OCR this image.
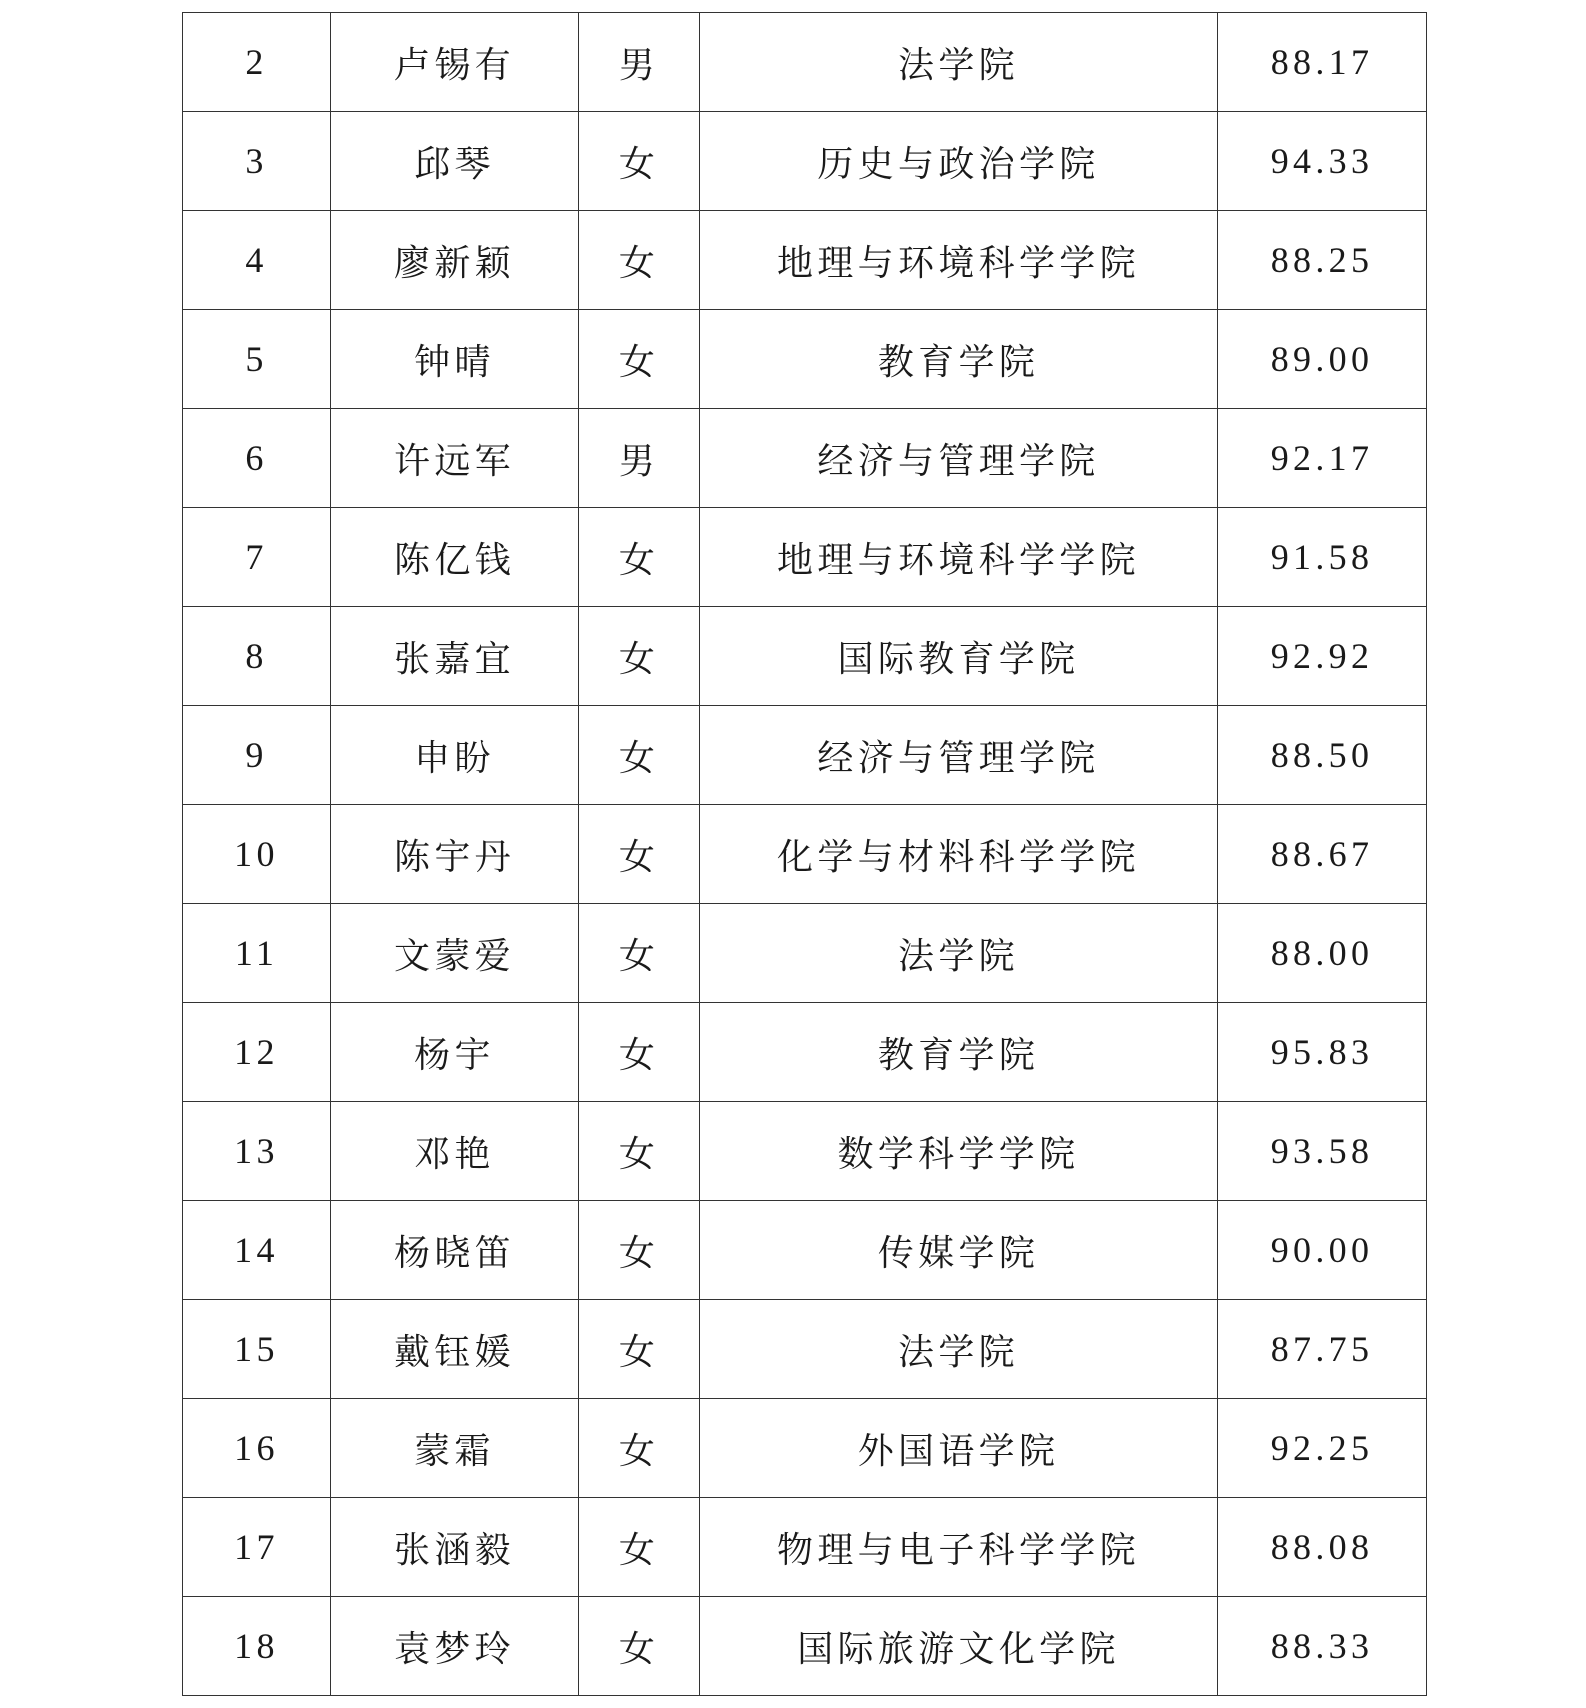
2	卢锡有	男	法学院	88.17
3	邱琴	女	历史与政治学院	94.33
4	廖新颖	女	地理与环境科学学院	88.25
5	钟晴	女	教育学院	89.00
6	许远军	男	经济与管理学院	92.17
7	陈亿钱	女	地理与环境科学学院	91.58
8	张嘉宜	女	国际教育学院	92.92
9	申盼	女	经济与管理学院	88.50
10	陈宇丹	女	化学与材料科学学院	88.67
11	文蒙爱	女	法学院	88.00
12	杨宇	女	教育学院	95.83
13	邓艳	女	数学科学学院	93.58
14	杨晓笛	女	传媒学院	90.00
15	戴钰媛	女	法学院	87.75
16	蒙霜	女	外国语学院	92.25
17	张涵毅	女	物理与电子科学学院	88.08
18	袁梦玲	女	国际旅游文化学院	88.33
